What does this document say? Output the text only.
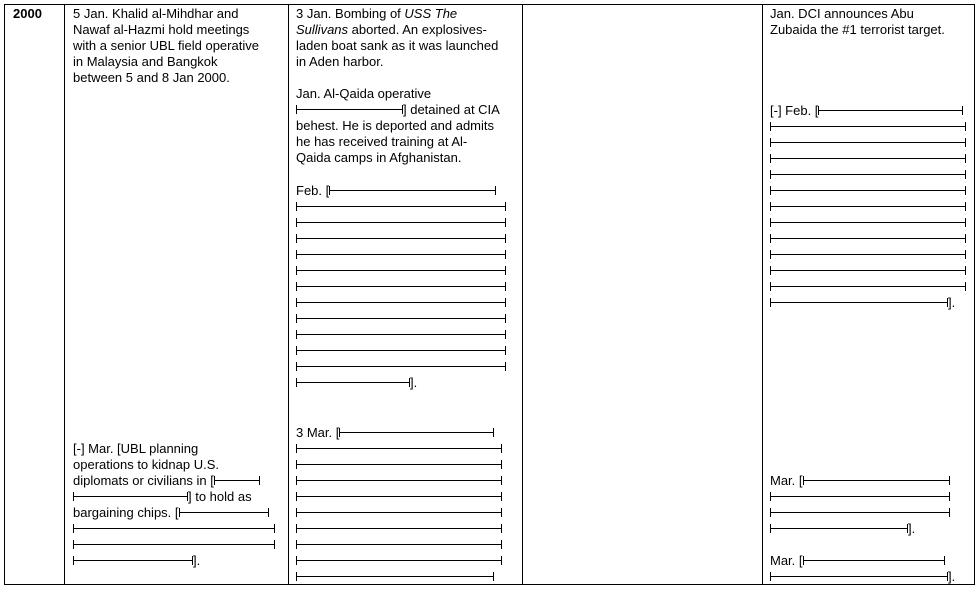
2000 5 Jan. Khalid al-Mihdhar and
Nawaf al-Hazmi hold meetings
with a senior UBL field operative
in Malaysia and Bangkok
between 5 and 8 Jan 2000.
[-] Mar. [UBL planning
operations to kidnap U.S.
diplomats or civilians in [
] to hold as
bargaining chips. [
].
3 Jan. Bombing of USS The
Sullivans aborted. An explosives-
laden boat sank as it was launched
in Aden harbor.
Jan. Al-Qaida operative
] detained at CIA
behest. He is deported and admits
he has received training at Al-
Qaida camps in Afghanistan.
Feb. [
].
3 Mar. [
Jan. DCI announces Abu
Zubaida the #1 terrorist target.
[-] Feb. [
].
Mar. [
].
Mar. [
].
